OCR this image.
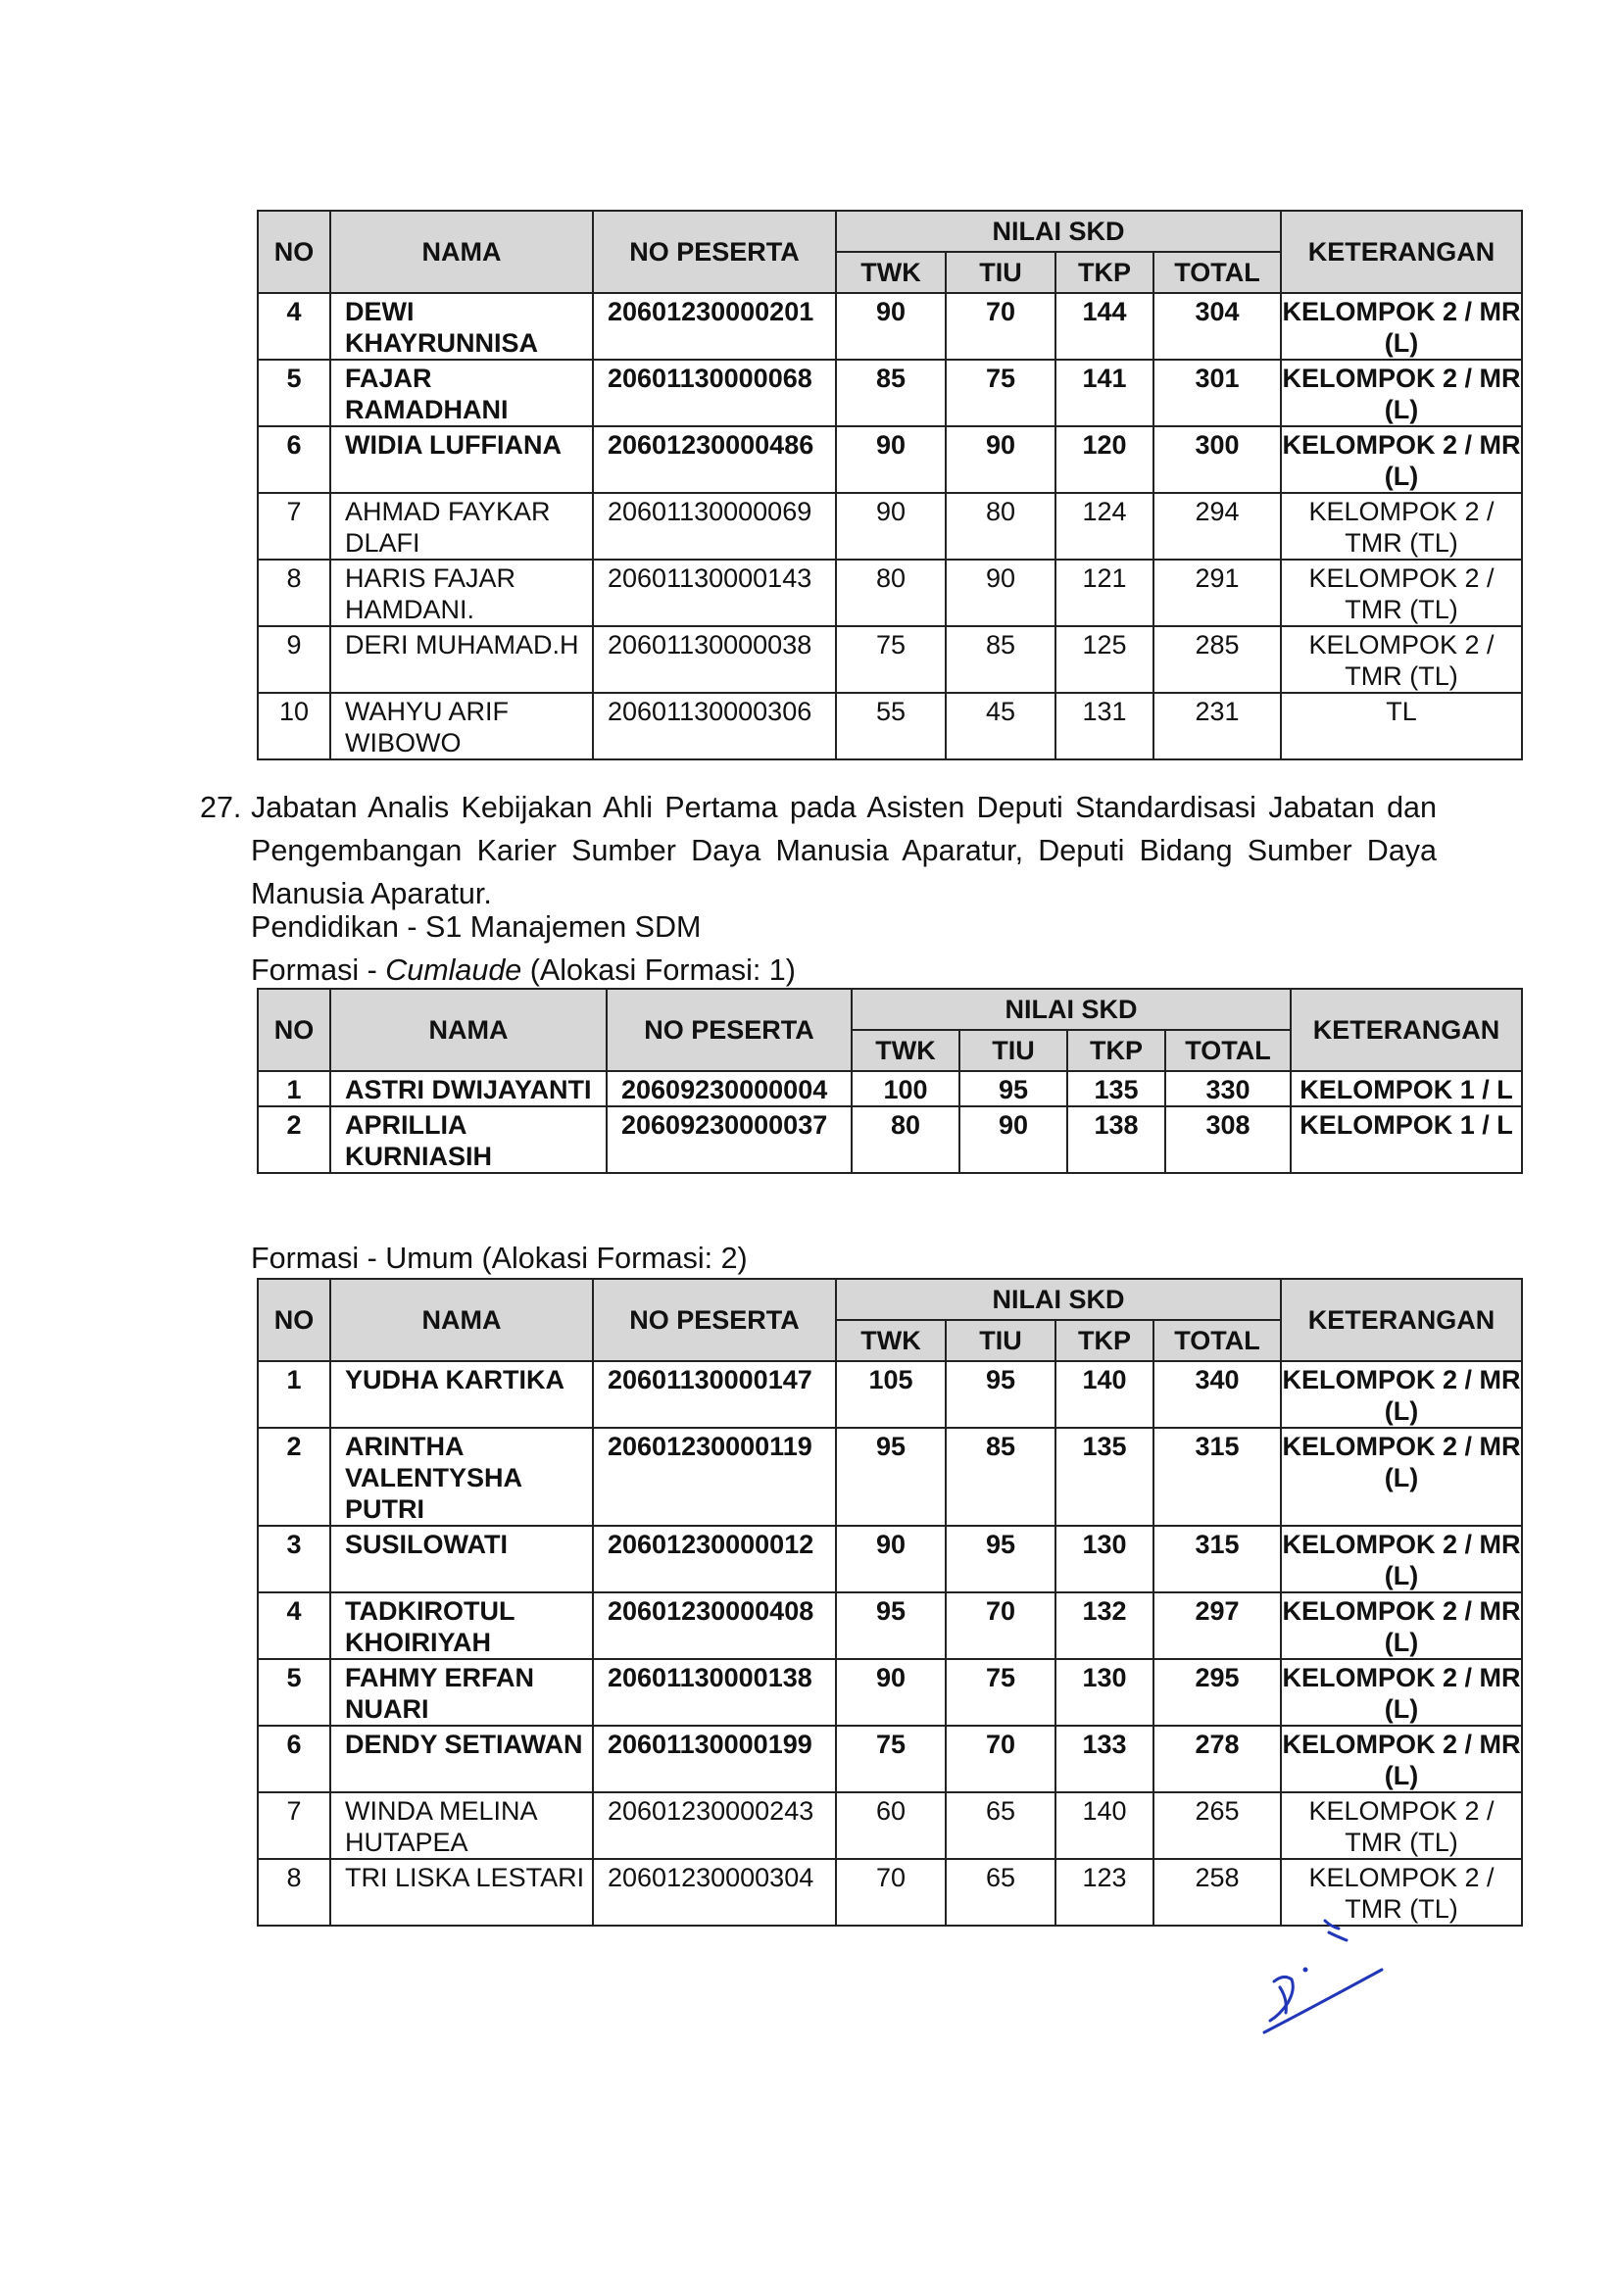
NO	NAMA	NO PESERTA	NILAI SKD				KETERANGAN
			TWK	TIU	TKP	TOTAL	
4	DEWI KHAYRUNNISA	20601230000201	90	70	144	304	KELOMPOK 2 / MR (L)
5	FAJAR RAMADHANI	20601130000068	85	75	141	301	KELOMPOK 2 / MR (L)
6	WIDIA LUFFIANA	20601230000486	90	90	120	300	KELOMPOK 2 / MR (L)
7	AHMAD FAYKAR DLAFI	20601130000069	90	80	124	294	KELOMPOK 2 / TMR (TL)
8	HARIS FAJAR HAMDANI.	20601130000143	80	90	121	291	KELOMPOK 2 / TMR (TL)
9	DERI MUHAMAD.H	20601130000038	75	85	125	285	KELOMPOK 2 / TMR (TL)
10	WAHYU ARIF WIBOWO	20601130000306	55	45	131	231	TL
27. Jabatan Analis Kebijakan Ahli Pertama pada Asisten Deputi Standardisasi Jabatan dan Pengembangan Karier Sumber Daya Manusia Aparatur, Deputi Bidang Sumber Daya Manusia Aparatur.
Pendidikan - S1 Manajemen SDM
Formasi - Cumlaude (Alokasi Formasi: 1)
NO	NAMA	NO PESERTA	NILAI SKD				KETERANGAN
			TWK	TIU	TKP	TOTAL	
1	ASTRI DWIJAYANTI	20609230000004	100	95	135	330	KELOMPOK 1 / L
2	APRILLIA KURNIASIH	20609230000037	80	90	138	308	KELOMPOK 1 / L
Formasi - Umum (Alokasi Formasi: 2)
NO	NAMA	NO PESERTA	NILAI SKD				KETERANGAN
			TWK	TIU	TKP	TOTAL	
1	YUDHA KARTIKA	20601130000147	105	95	140	340	KELOMPOK 2 / MR (L)
2	ARINTHA VALENTYSHA PUTRI	20601230000119	95	85	135	315	KELOMPOK 2 / MR (L)
3	SUSILOWATI	20601230000012	90	95	130	315	KELOMPOK 2 / MR (L)
4	TADKIROTUL KHOIRIYAH	20601230000408	95	70	132	297	KELOMPOK 2 / MR (L)
5	FAHMY ERFAN NUARI	20601130000138	90	75	130	295	KELOMPOK 2 / MR (L)
6	DENDY SETIAWAN	20601130000199	75	70	133	278	KELOMPOK 2 / MR (L)
7	WINDA MELINA HUTAPEA	20601230000243	60	65	140	265	KELOMPOK 2 / TMR (TL)
8	TRI LISKA LESTARI	20601230000304	70	65	123	258	KELOMPOK 2 / TMR (TL)
